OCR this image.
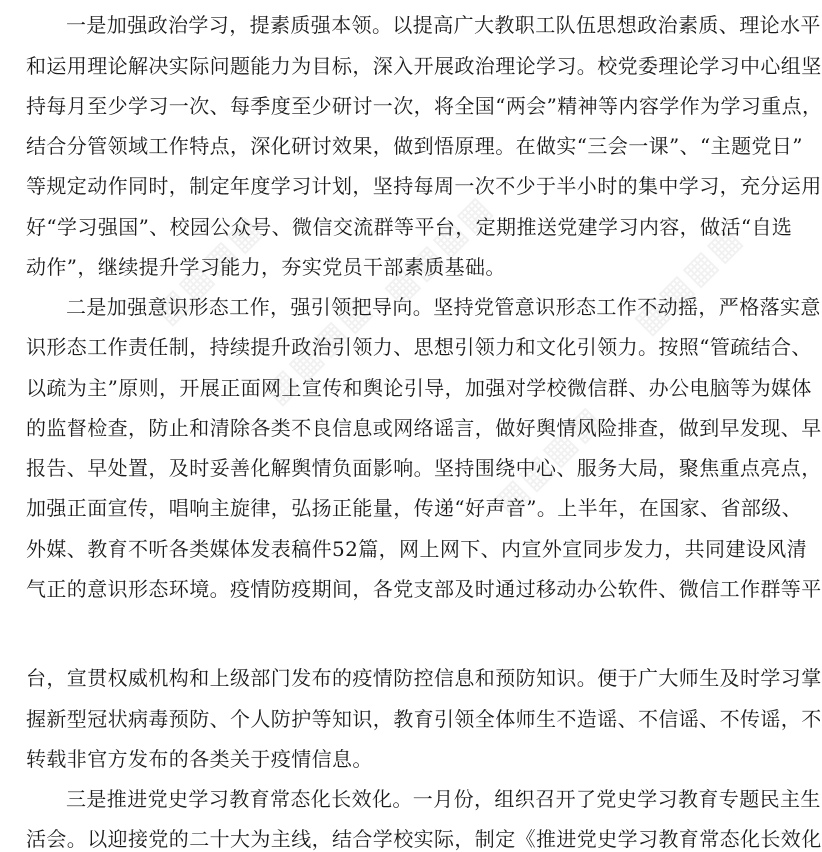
▦▦▦▦
▦▦▦▦
▦▦▦▦
▦▦▦▦
▦▦▦▦

一是加强政治学习，提素质强本领。以提高广大教职工队伍思想政治素质、理论水平

和运用理论解决实际问题能力为目标，深入开展政治理论学习。校党委理论学习中心组坚

持每月至少学习一次、每季度至少研讨一次，将全国“两会”精神等内容学作为学习重点，

结合分管领域工作特点，深化研讨效果，做到悟原理。在做实“三会一课”、“主题党日”

等规定动作同时，制定年度学习计划，坚持每周一次不少于半小时的集中学习，充分运用

好“学习强国”、校园公众号、微信交流群等平台，定期推送党建学习内容，做活“自选

动作”，继续提升学习能力，夯实党员干部素质基础。

二是加强意识形态工作，强引领把导向。坚持党管意识形态工作不动摇，严格落实意

识形态工作责任制，持续提升政治引领力、思想引领力和文化引领力。按照“管疏结合、

以疏为主”原则，开展正面网上宣传和舆论引导，加强对学校微信群、办公电脑等为媒体

的监督检查，防止和清除各类不良信息或网络谣言，做好舆情风险排查，做到早发现、早

报告、早处置，及时妥善化解舆情负面影响。坚持围绕中心、服务大局，聚焦重点亮点，

加强正面宣传，唱响主旋律，弘扬正能量，传递“好声音”。上半年，在国家、省部级、

外媒、教育不听各类媒体发表稿件52篇，网上网下、内宣外宣同步发力，共同建设风清

气正的意识形态环境。疫情防疫期间，各党支部及时通过移动办公软件、微信工作群等平

台，宣贯权威机构和上级部门发布的疫情防控信息和预防知识。便于广大师生及时学习掌

握新型冠状病毒预防、个人防护等知识，教育引领全体师生不造谣、不信谣、不传谣，不

转载非官方发布的各类关于疫情信息。

三是推进党史学习教育常态化长效化。一月份，组织召开了党史学习教育专题民主生

活会。以迎接党的二十大为主线，结合学校实际，制定《推进党史学习教育常态化长效化
